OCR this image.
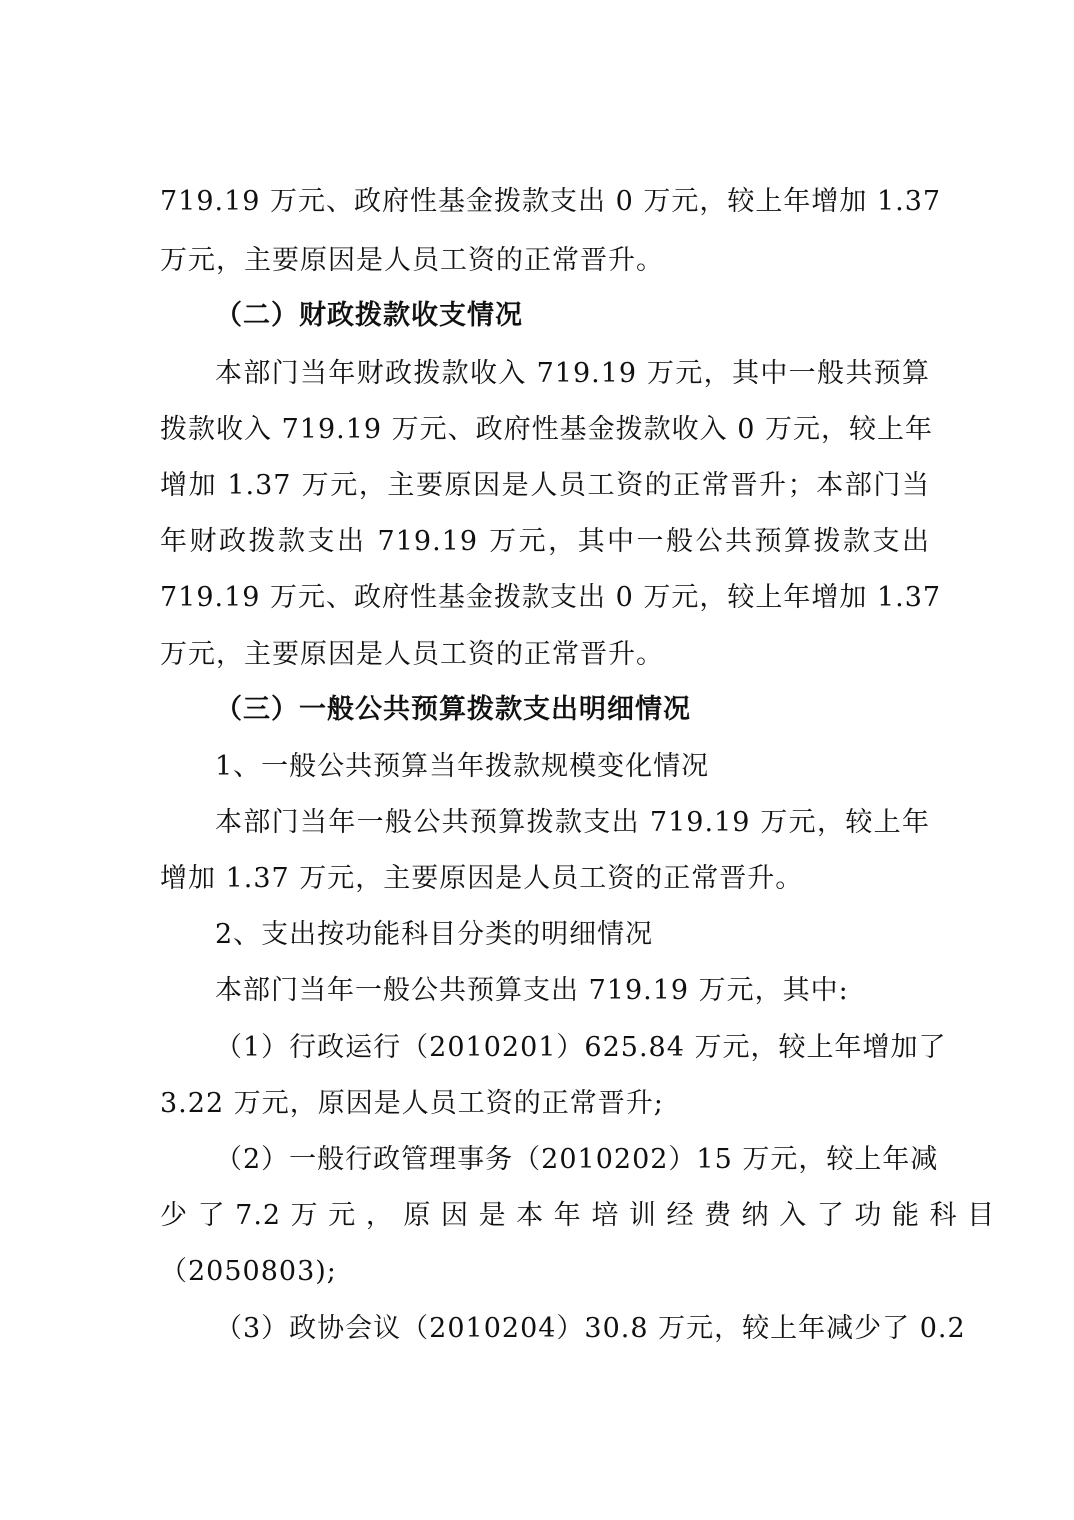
719.19 万元、政府性基金拨款支出 0 万元，较上年增加 1.37
万元，主要原因是人员工资的正常晋升。
（二）财政拨款收支情况
本部门当年财政拨款收入 719.19 万元，其中一般共预算
拨款收入 719.19 万元、政府性基金拨款收入 0 万元，较上年
增加 1.37 万元，主要原因是人员工资的正常晋升；本部门当
年财政拨款支出 719.19 万元，其中一般公共预算拨款支出
719.19 万元、政府性基金拨款支出 0 万元，较上年增加 1.37
万元，主要原因是人员工资的正常晋升。
（三）一般公共预算拨款支出明细情况
1、一般公共预算当年拨款规模变化情况
本部门当年一般公共预算拨款支出 719.19 万元，较上年
增加 1.37 万元，主要原因是人员工资的正常晋升。
2、支出按功能科目分类的明细情况
本部门当年一般公共预算支出 719.19 万元，其中:
（1）行政运行（2010201）625.84 万元，较上年增加了
3.22 万元，原因是人员工资的正常晋升;
（2）一般行政管理事务（2010202）15 万元，较上年减
少 了 7.2 万 元 ， 原 因 是 本 年 培 训 经 费 纳 入 了 功 能 科 目
（2050803);
（3）政协会议（2010204）30.8 万元，较上年减少了 0.2
